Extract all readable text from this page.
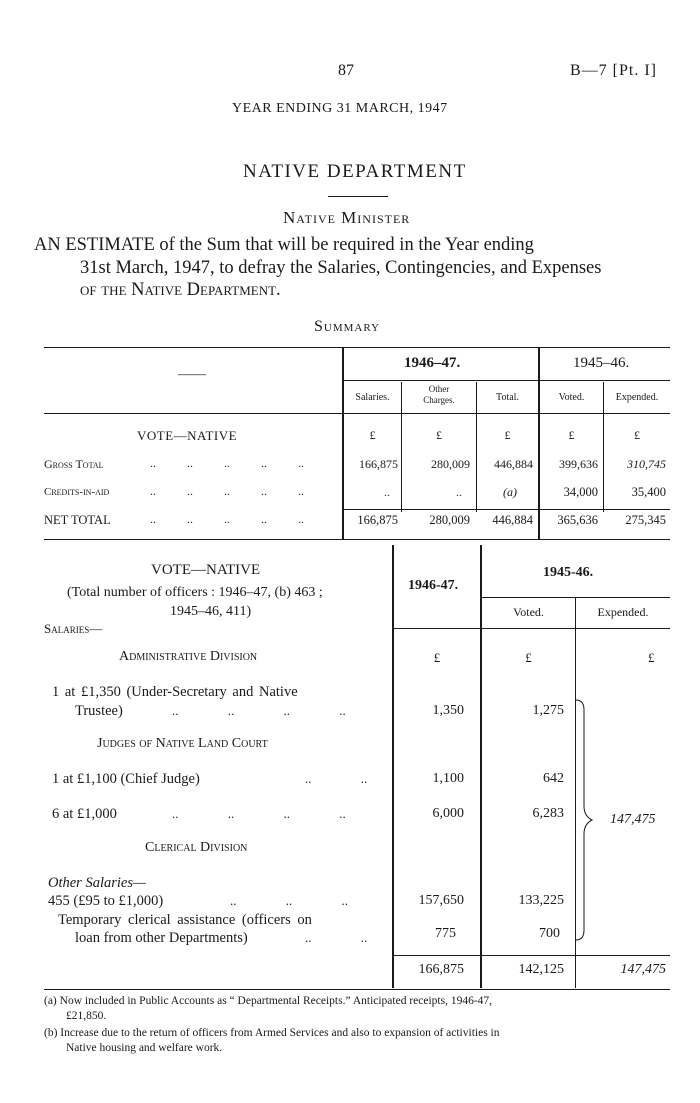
87	B—7 [Pt. I]
YEAR ENDING 31 MARCH, 1947
NATIVE DEPARTMENT
Native Minister
AN ESTIMATE of the Sum that will be required in the Year ending
31st March, 1947, to defray the Salaries, Contingencies, and Expenses
of the Native Department.
Summary
——
1946–47.	1945–46.
Salaries.
Other
Charges.	Total.	Voted.	Expended.
VOTE—NATIVE	£	£	£	£	£
Gross Total	.. .. .. .. ..	166,875	280,009	446,884	399,636	310,745
Credits-in-aid	.. .. .. .. ..	..	..	(a)	34,000	35,400
NET TOTAL	.. .. .. .. ..	166,875	280,009	446,884	365,636	275,345
VOTE—NATIVE
(Total number of officers : 1946–47, (b) 463 ;
1945–46, 411)
Salaries—
1946-47.
1945-46.
Voted.	Expended.
£	£	£
Administrative Division
1 at £1,350 (Under-Secretary and Native
Trustee)	.. .. .. ..	1,350	1,275
Judges of Native Land Court
1 at £1,100 (Chief Judge)	.. ..	1,100	642
6 at £1,000	.. .. .. ..	6,000	6,283
Clerical Division
Other Salaries—
455 (£95 to £1,000)	.. .. ..	157,650	133,225
Temporary clerical assistance (officers on
loan from other Departments)	.. ..	775	700
147,475
166,875	142,125	147,475
(a) Now included in Public Accounts as “ Departmental Receipts.” Anticipated receipts, 1946-47,
£21,850.
(b) Increase due to the return of officers from Armed Services and also to expansion of activities in
Native housing and welfare work.
